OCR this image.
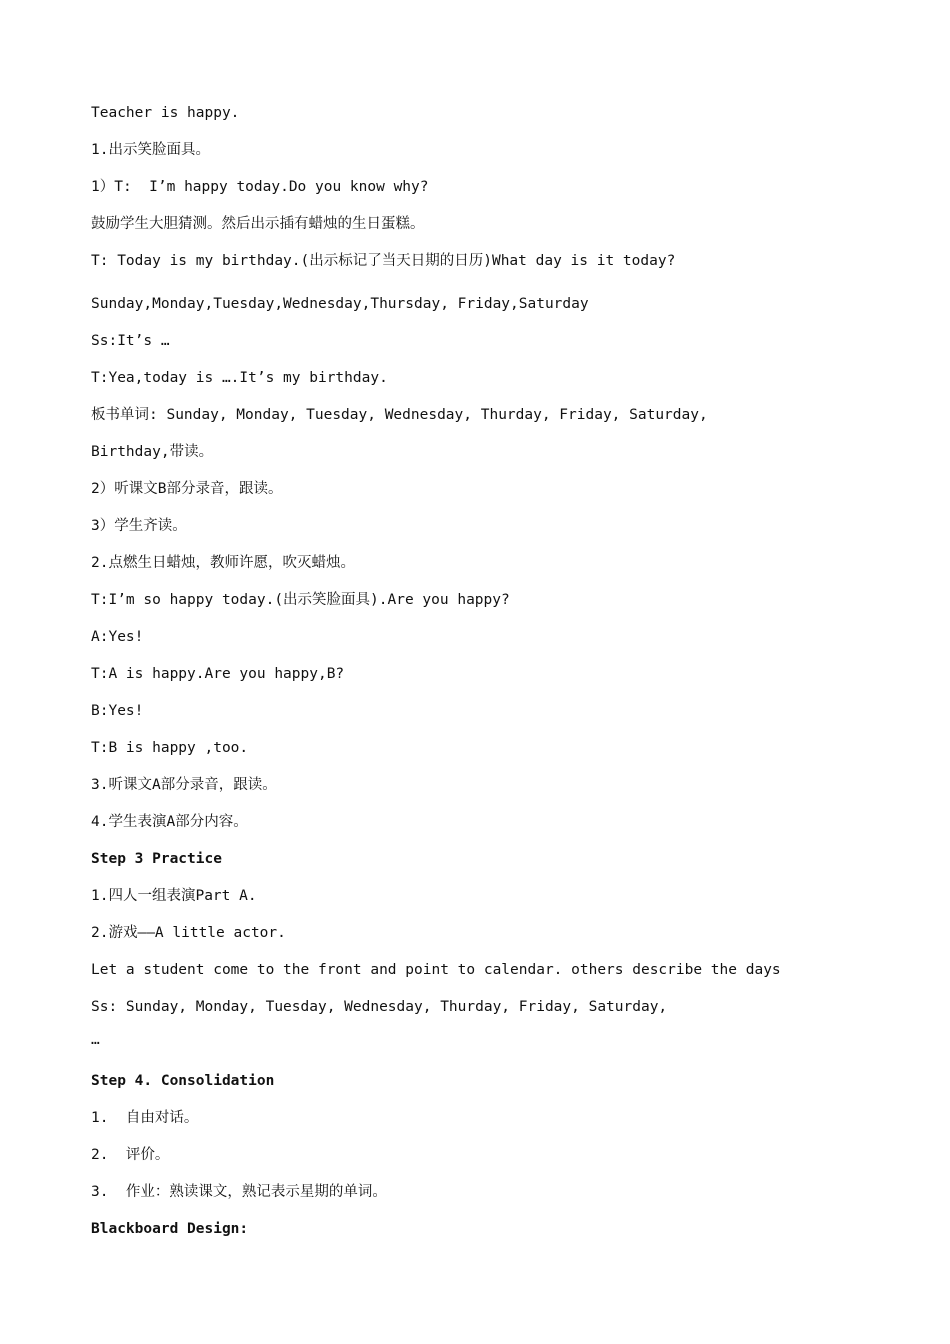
Teacher is happy.
1.出示笑脸面具。
1）T:  I’m happy today.Do you know why?
鼓励学生大胆猜测。然后出示插有蜡烛的生日蛋糕。
T: Today is my birthday.(出示标记了当天日期的日历)What day is it today?
Sunday,Monday,Tuesday,Wednesday,Thursday, Friday,Saturday
Ss:It’s …
T:Yea,today is ….It’s my birthday.
板书单词: Sunday, Monday, Tuesday, Wednesday, Thurday, Friday, Saturday,
Birthday,带读。
2）听课文B部分录音，跟读。
3）学生齐读。
2.点燃生日蜡烛，教师许愿，吹灭蜡烛。
T:I’m so happy today.(出示笑脸面具).Are you happy?
A:Yes!
T:A is happy.Are you happy,B?
B:Yes!
T:B is happy ,too.
3.听课文A部分录音，跟读。
4.学生表演A部分内容。
Step 3 Practice
1.四人一组表演Part A.
2.游戏——A little actor.
Let a student come to the front and point to calendar. others describe the days
Ss: Sunday, Monday, Tuesday, Wednesday, Thurday, Friday, Saturday,
…
Step 4. Consolidation
1.  自由对话。
2.  评价。
3.  作业：熟读课文，熟记表示星期的单词。
Blackboard Design:
